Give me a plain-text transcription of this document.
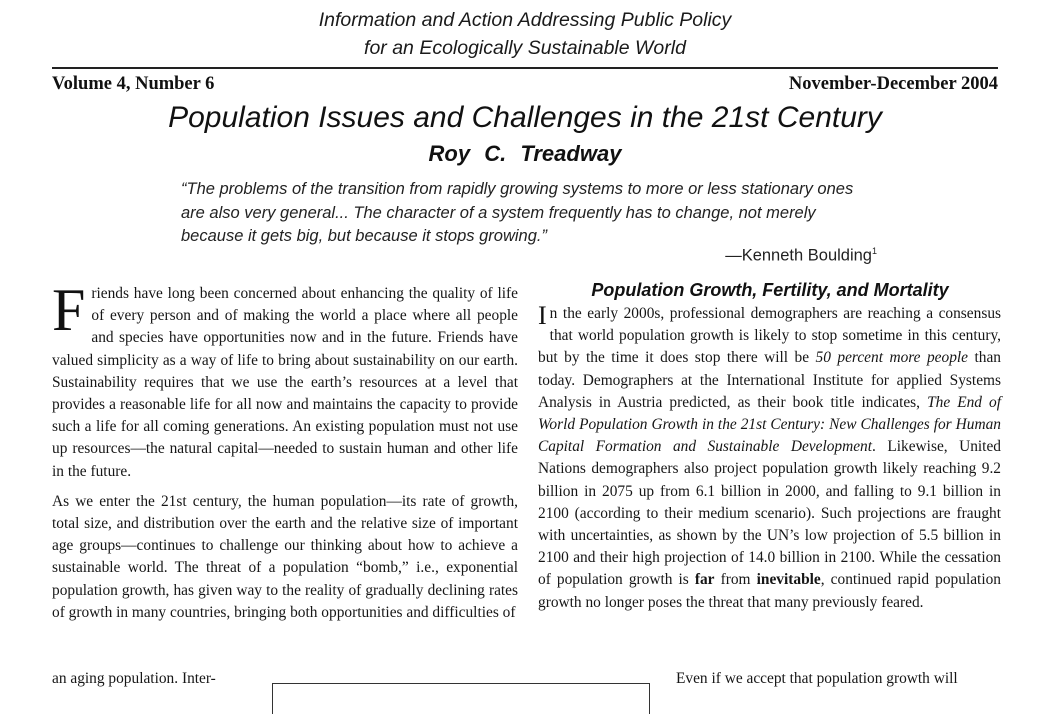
Information and Action Addressing Public Policy
for an Ecologically Sustainable World
Volume 4, Number 6	November-December 2004
Population Issues and Challenges in the 21st Century
Roy C. Treadway
“The problems of the transition from rapidly growing systems to more or less stationary ones are also very general... The character of a system frequently has to change, not merely because it gets big, but because it stops growing.”
—Kenneth Boulding$^1$

Friends have long been concerned about enhancing the quality of life of every person and of making the world a place where all people and species have opportunities now and in the future. Friends have valued simplicity as a way of life to bring about sustainability on our earth. Sustainability requires that we use the earth’s resources at a level that provides a reasonable life for all now and maintains the capacity to provide such a life for all coming generations. An existing population must not use up resources—the natural capital—needed to sustain human and other life in the future.

As we enter the 21st century, the human population—its rate of growth, total size, and distribution over the earth and the relative size of important age groups—continues to challenge our thinking about how to achieve a sustainable world. The threat of a population “bomb,” i.e., exponential population growth, has given way to the reality of gradually declining rates of growth in many countries, bringing both opportunities and difficulties of

an aging population. Inter-
Population Growth, Fertility, and Mortality

In the early 2000s, professional demographers are reaching a consensus that world population growth is likely to stop sometime in this century, but by the time it does stop there will be 50 percent more people than today. Demographers at the International Institute for applied Systems Analysis in Austria predicted, as their book title indicates, The End of World Population Growth in the 21st Century: New Challenges for Human Capital Formation and Sustainable Development. Likewise, United Nations demographers also project population growth likely reaching 9.2 billion in 2075 up from 6.1 billion in 2000, and falling to 9.1 billion in 2100 (according to their medium scenario). Such projections are fraught with uncertainties, as shown by the UN’s low projection of 5.5 billion in 2100 and their high projection of 14.0 billion in 2100. While the cessation of population growth is far from inevitable, continued rapid population growth no longer poses the threat that many previously feared.

Even if we accept that population growth will
